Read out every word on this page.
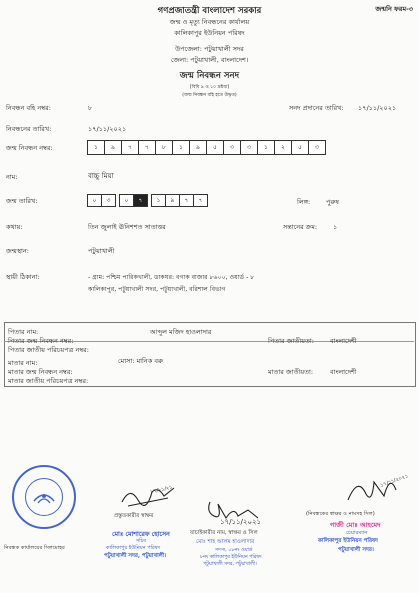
গণপ্রজাতন্ত্রী বাংলাদেশ সরকার	জন্মনি ফরম-৩
জন্ম ও মৃত্যু নিবন্ধনের কার্যালয়
কালিকাপুর ইউনিয়ন পরিষদ
উপজেলা: পটুয়াখালী সদর
জেলা: পটুয়াখালী, বাংলাদেশ।
জন্ম নিবন্ধন সনদ
[বিধি ৯ ও ১০ দ্রষ্টব্য]
(জন্ম নিবন্ধন বহি হতে উদ্ধৃত)
নিবন্ধন বহি নম্বর:	৮	সনদ প্রদানের তারিখ: ১৭/১১/২০২১
নিবন্ধনের তারিখ:	১৭/১১/২০২১
জন্ম নিবন্ধন নম্বর:	১	৯	৭	৭	৮	১	৯	৫	৩	৩	১	২	৫	৩
নাম:	বাচ্চু মিয়া
জন্ম তারিখ:	০	৩	০	৭	১	৯	৭	৭	লিঙ্গ: পুরুষ
কথায়:	তিন জুলাই ঊনিশশত সাতাত্তর	সন্তানের ক্রম: ১
জন্মস্থান:	পটুয়াখালী
স্থায়ী ঠিকানা:	- গ্রাম: পশ্চিম পারিকখালী, ডাকঘর: বগাক বাজার ৮৬০০, ওয়ার্ড - ৮
কালিকাপুর, পটুয়াখালী সদর, পটুয়াখালী, বরিশাল বিভাগ
পিতার নাম:	আব্দুল মজিদ হাওলাদার
পিতার জন্ম নিবন্ধন নম্বর:	পিতার জাতীয়তা: বাংলাদেশী
পিতার জাতীয় পরিচয়পত্র নম্বর:
মাতার নাম:	মোসা: মানিক বরু
মাতার জন্ম নিবন্ধন নম্বর:	মাতার জাতীয়তা:	বাংলাদেশী
মাতার জাতীয় পরিচয়পত্র নম্বর:
নিবন্ধক কার্যালয়ের সিলমোহর
১৭/১১/২১
প্রস্তুতকারীর স্বাক্ষর
মোঃ মোশারেফ হোসেন
সচিব
কালিকাপুর ইউনিয়ন পরিষদ
পটুয়াখালী সদর, পটুয়াখালী।
১৭/১১/২০২১
যাচাইকারীর নাম, স্বাক্ষর ও সিল
মোঃ শাহ আলম হাওলাদার
সদস্য, ০৮নং ওয়ার্ড
৮নং কালিকাপুর ইউনিয়ন পরিষদ
পটুয়াখালী সদর, পটুয়াখালী।
১৭/১১/২০২১
(নিবন্ধকের স্বাক্ষর ও নামসহ সিল)
গাজী মোঃ আহমেদ
চেয়ারম্যান
কালিকাপুর ইউনিয়ন পরিষদ
পটুয়াখালী সদর।
